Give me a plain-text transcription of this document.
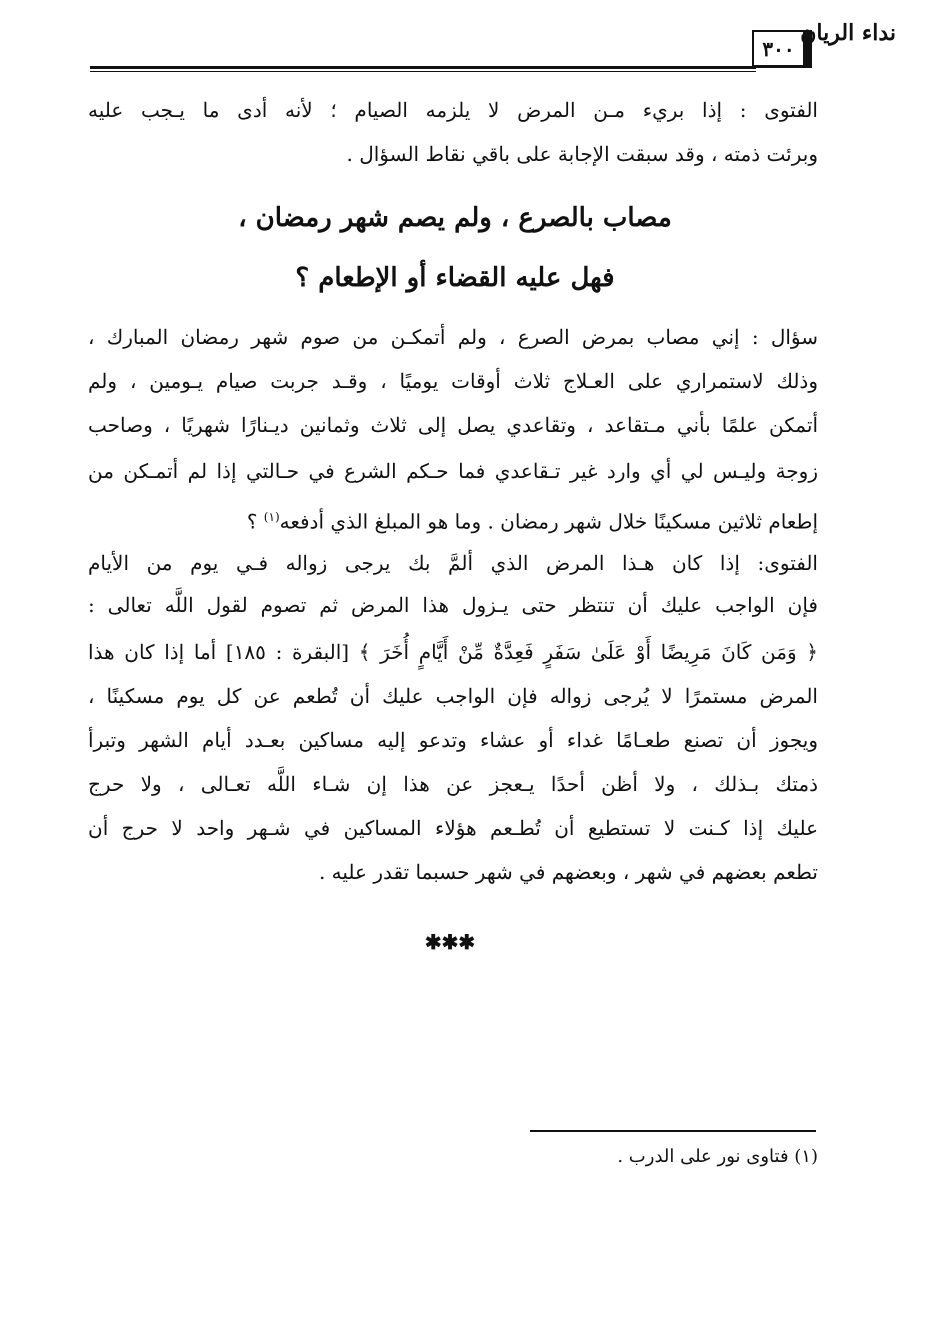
نداء الريان
٣٠٠
الفتوى : إذا بريء مـن المرض لا يلزمه الصيام ؛ لأنه أدى ما يـجب عليه
وبرئت ذمته ، وقد سبقت الإجابة على باقي نقاط السؤال .
مصاب بالصرع ، ولم يصم شهر رمضان ،
فهل عليه القضاء أو الإطعام ؟
سؤال : إني مصاب بمرض الصرع ، ولم أتمكـن من صوم شهر رمضان المبارك ،
وذلك لاستمراري على العـلاج ثلاث أوقات يوميًا ، وقـد جربت صيام يـومين ، ولم
أتمكن علمًا بأني مـتقاعد ، وتقاعدي يصل إلى ثلاث وثمانين ديـنارًا شهريًا ، وصاحب
زوجة وليـس لي أي وارد غير تـقاعدي فما حـكم الشرع في حـالتي إذا لم أتمـكن من
إطعام ثلاثين مسكينًا خلال شهر رمضان . وما هو المبلغ الذي أدفعه$^{(١)}$ ؟
الفتوى: إذا كان هـذا المرض الذي ألمَّ بك يرجى زواله فـي يوم من الأيام
فإن الواجب عليك أن تنتظر حتى يـزول هذا المرض ثم تصوم لقول اللَّه تعالى :
﴿ وَمَن كَانَ مَرِيضًا أَوْ عَلَىٰ سَفَرٍ فَعِدَّةٌ مِّنْ أَيَّامٍ أُخَرَ ﴾ [البقرة : ١٨٥] أما إذا كان هذا
المرض مستمرًا لا يُرجى زواله فإن الواجب عليك أن تُطعم عن كل يوم مسكينًا ،
ويجوز أن تصنع طعـامًا غداء أو عشاء وتدعو إليه مساكين بعـدد أيام الشهر وتبرأ
ذمتك بـذلك ، ولا أظن أحدًا يـعجز عن هذا إن شـاء اللَّه تعـالى ، ولا حرج
عليك إذا كـنت لا تستطيع أن تُطـعم هؤلاء المساكين في شـهر واحد لا حرج أن
تطعم بعضهم في شهر ، وبعضهم في شهر حسبما تقدر عليه .
✱✱✱
(١) فتاوى نور على الدرب .
